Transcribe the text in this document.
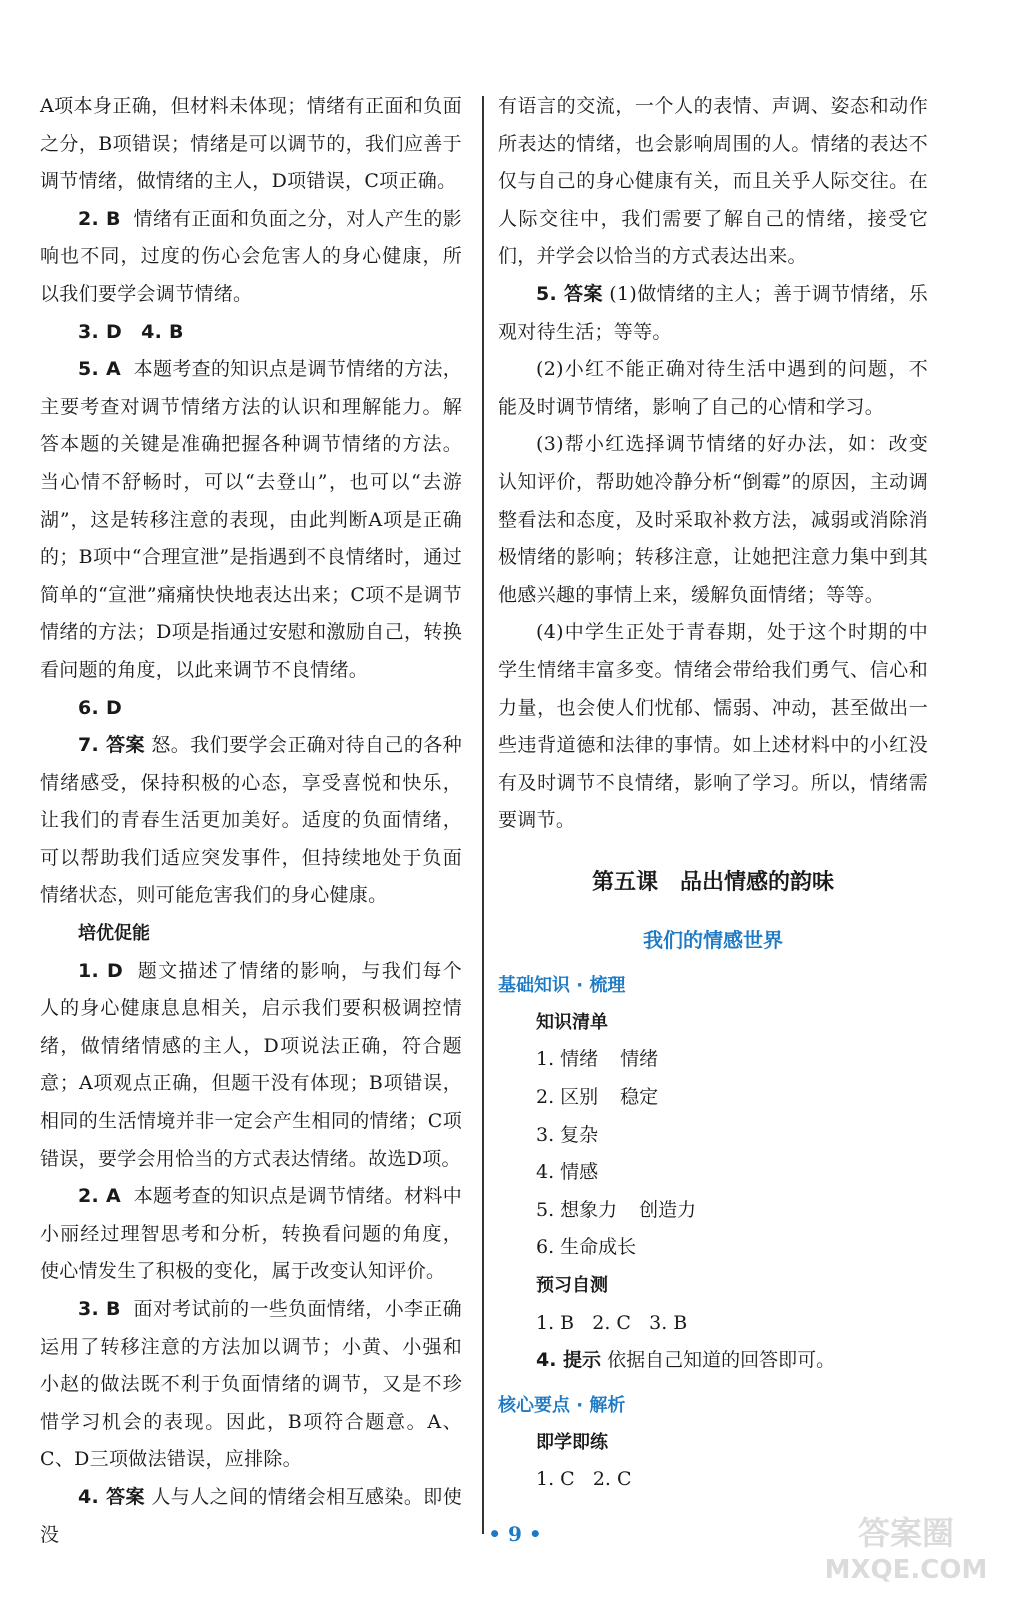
A项本身正确，但材料未体现；情绪有正面和负面之分，B项错误；情绪是可以调节的，我们应善于调节情绪，做情绪的主人，D项错误，C项正确。

2. B 情绪有正面和负面之分，对人产生的影响也不同，过度的伤心会危害人的身心健康，所以我们要学会调节情绪。

3. D 4. B

5. A 本题考查的知识点是调节情绪的方法，主要考查对调节情绪方法的认识和理解能力。解答本题的关键是准确把握各种调节情绪的方法。当心情不舒畅时，可以“去登山”，也可以“去游湖”，这是转移注意的表现，由此判断A项是正确的；B项中“合理宣泄”是指遇到不良情绪时，通过简单的“宣泄”痛痛快快地表达出来；C项不是调节情绪的方法；D项是指通过安慰和激励自己，转换看问题的角度，以此来调节不良情绪。

6. D

7. 答案 怒。我们要学会正确对待自己的各种情绪感受，保持积极的心态，享受喜悦和快乐，让我们的青春生活更加美好。适度的负面情绪，可以帮助我们适应突发事件，但持续地处于负面情绪状态，则可能危害我们的身心健康。

培优促能

1. D 题文描述了情绪的影响，与我们每个人的身心健康息息相关，启示我们要积极调控情绪，做情绪情感的主人，D项说法正确，符合题意；A项观点正确，但题干没有体现；B项错误，相同的生活情境并非一定会产生相同的情绪；C项错误，要学会用恰当的方式表达情绪。故选D项。

2. A 本题考查的知识点是调节情绪。材料中小丽经过理智思考和分析，转换看问题的角度，使心情发生了积极的变化，属于改变认知评价。

3. B 面对考试前的一些负面情绪，小李正确运用了转移注意的方法加以调节；小黄、小强和小赵的做法既不利于负面情绪的调节，又是不珍惜学习机会的表现。因此，B项符合题意。A、C、D三项做法错误，应排除。

4. 答案 人与人之间的情绪会相互感染。即使没

有语言的交流，一个人的表情、声调、姿态和动作所表达的情绪，也会影响周围的人。情绪的表达不仅与自己的身心健康有关，而且关乎人际交往。在人际交往中，我们需要了解自己的情绪，接受它们，并学会以恰当的方式表达出来。

5. 答案 (1)做情绪的主人；善于调节情绪，乐观对待生活；等等。

(2)小红不能正确对待生活中遇到的问题，不能及时调节情绪，影响了自己的心情和学习。

(3)帮小红选择调节情绪的好办法，如：改变认知评价，帮助她冷静分析“倒霉”的原因，主动调整看法和态度，及时采取补救方法，减弱或消除消极情绪的影响；转移注意，让她把注意力集中到其他感兴趣的事情上来，缓解负面情绪；等等。

(4)中学生正处于青春期，处于这个时期的中学生情绪丰富多变。情绪会带给我们勇气、信心和力量，也会使人们忧郁、懦弱、冲动，甚至做出一些违背道德和法律的事情。如上述材料中的小红没有及时调节不良情绪，影响了学习。所以，情绪需要调节。

第五课 品出情感的韵味
我们的情感世界
基础知识 · 梳理

知识清单

1. 情绪 情绪

2. 区别 稳定

3. 复杂

4. 情感

5. 想象力 创造力

6. 生命成长

预习自测

1. B 2. C 3. B

4. 提示 依据自己知道的回答即可。

核心要点 · 解析

即学即练

1. C 2. C

• 9 •	答案圈
MXQE.COM
